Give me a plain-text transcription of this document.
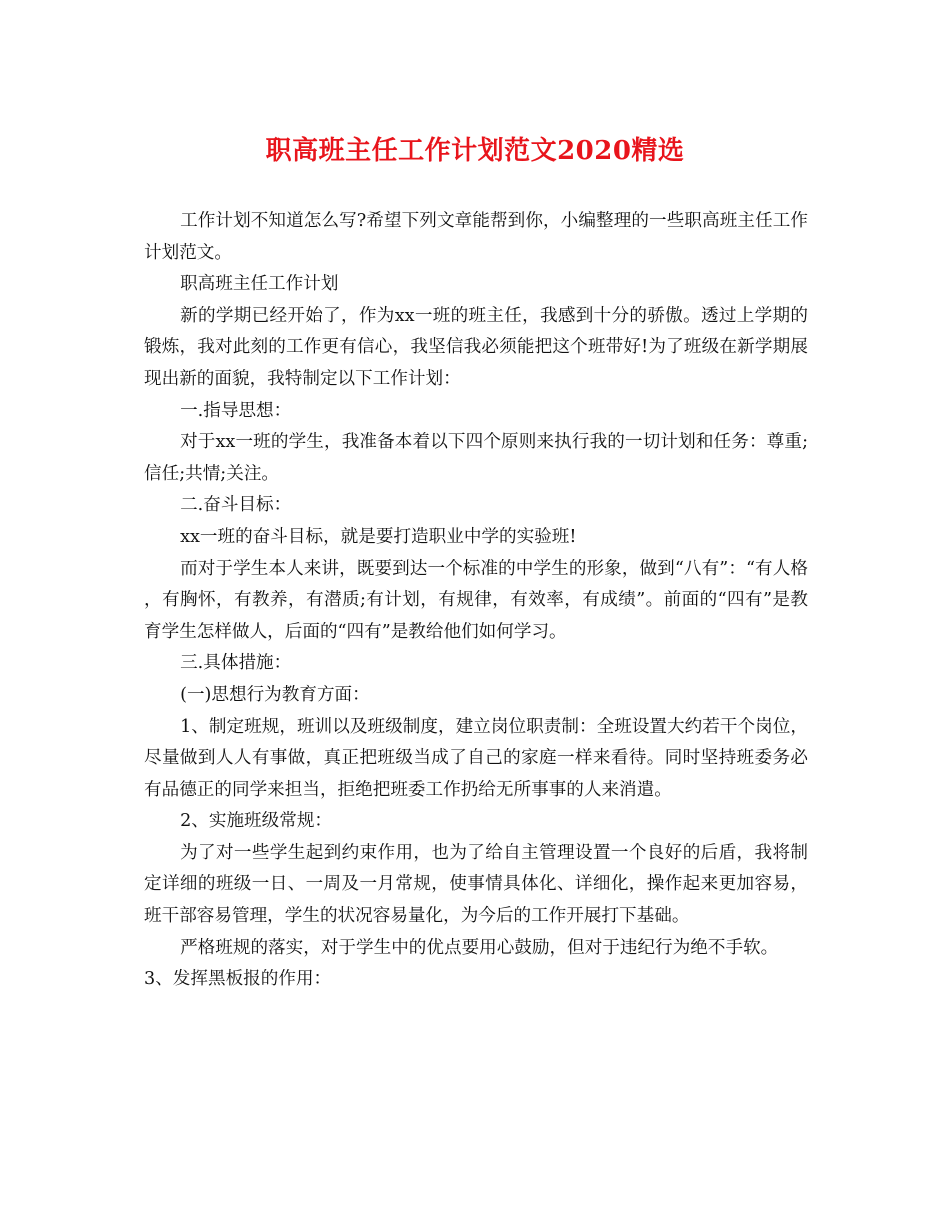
职高班主任工作计划范文2020精选

工作计划不知道怎么写?希望下列文章能帮到你，小编整理的一些职高班主任工作计划范文。

职高班主任工作计划

新的学期已经开始了，作为xx一班的班主任，我感到十分的骄傲。透过上学期的锻炼，我对此刻的工作更有信心，我坚信我必须能把这个班带好!为了班级在新学期展现出新的面貌，我特制定以下工作计划：

一.指导思想：

对于xx一班的学生，我准备本着以下四个原则来执行我的一切计划和任务：尊重;信任;共情;关注。

二.奋斗目标：

xx一班的奋斗目标，就是要打造职业中学的实验班!

而对于学生本人来讲，既要到达一个标准的中学生的形象，做到“八有”：“有人格，有胸怀，有教养，有潜质;有计划，有规律，有效率，有成绩”。前面的“四有”是教育学生怎样做人，后面的“四有”是教给他们如何学习。

三.具体措施：

(一)思想行为教育方面：

1、制定班规，班训以及班级制度，建立岗位职责制：全班设置大约若干个岗位，尽量做到人人有事做，真正把班级当成了自己的家庭一样来看待。同时坚持班委务必有品德正的同学来担当，拒绝把班委工作扔给无所事事的人来消遣。

2、实施班级常规：

为了对一些学生起到约束作用，也为了给自主管理设置一个良好的后盾，我将制定详细的班级一日、一周及一月常规，使事情具体化、详细化，操作起来更加容易，班干部容易管理，学生的状况容易量化，为今后的工作开展打下基础。

严格班规的落实，对于学生中的优点要用心鼓励，但对于违纪行为绝不手软。

3、发挥黑板报的作用：
